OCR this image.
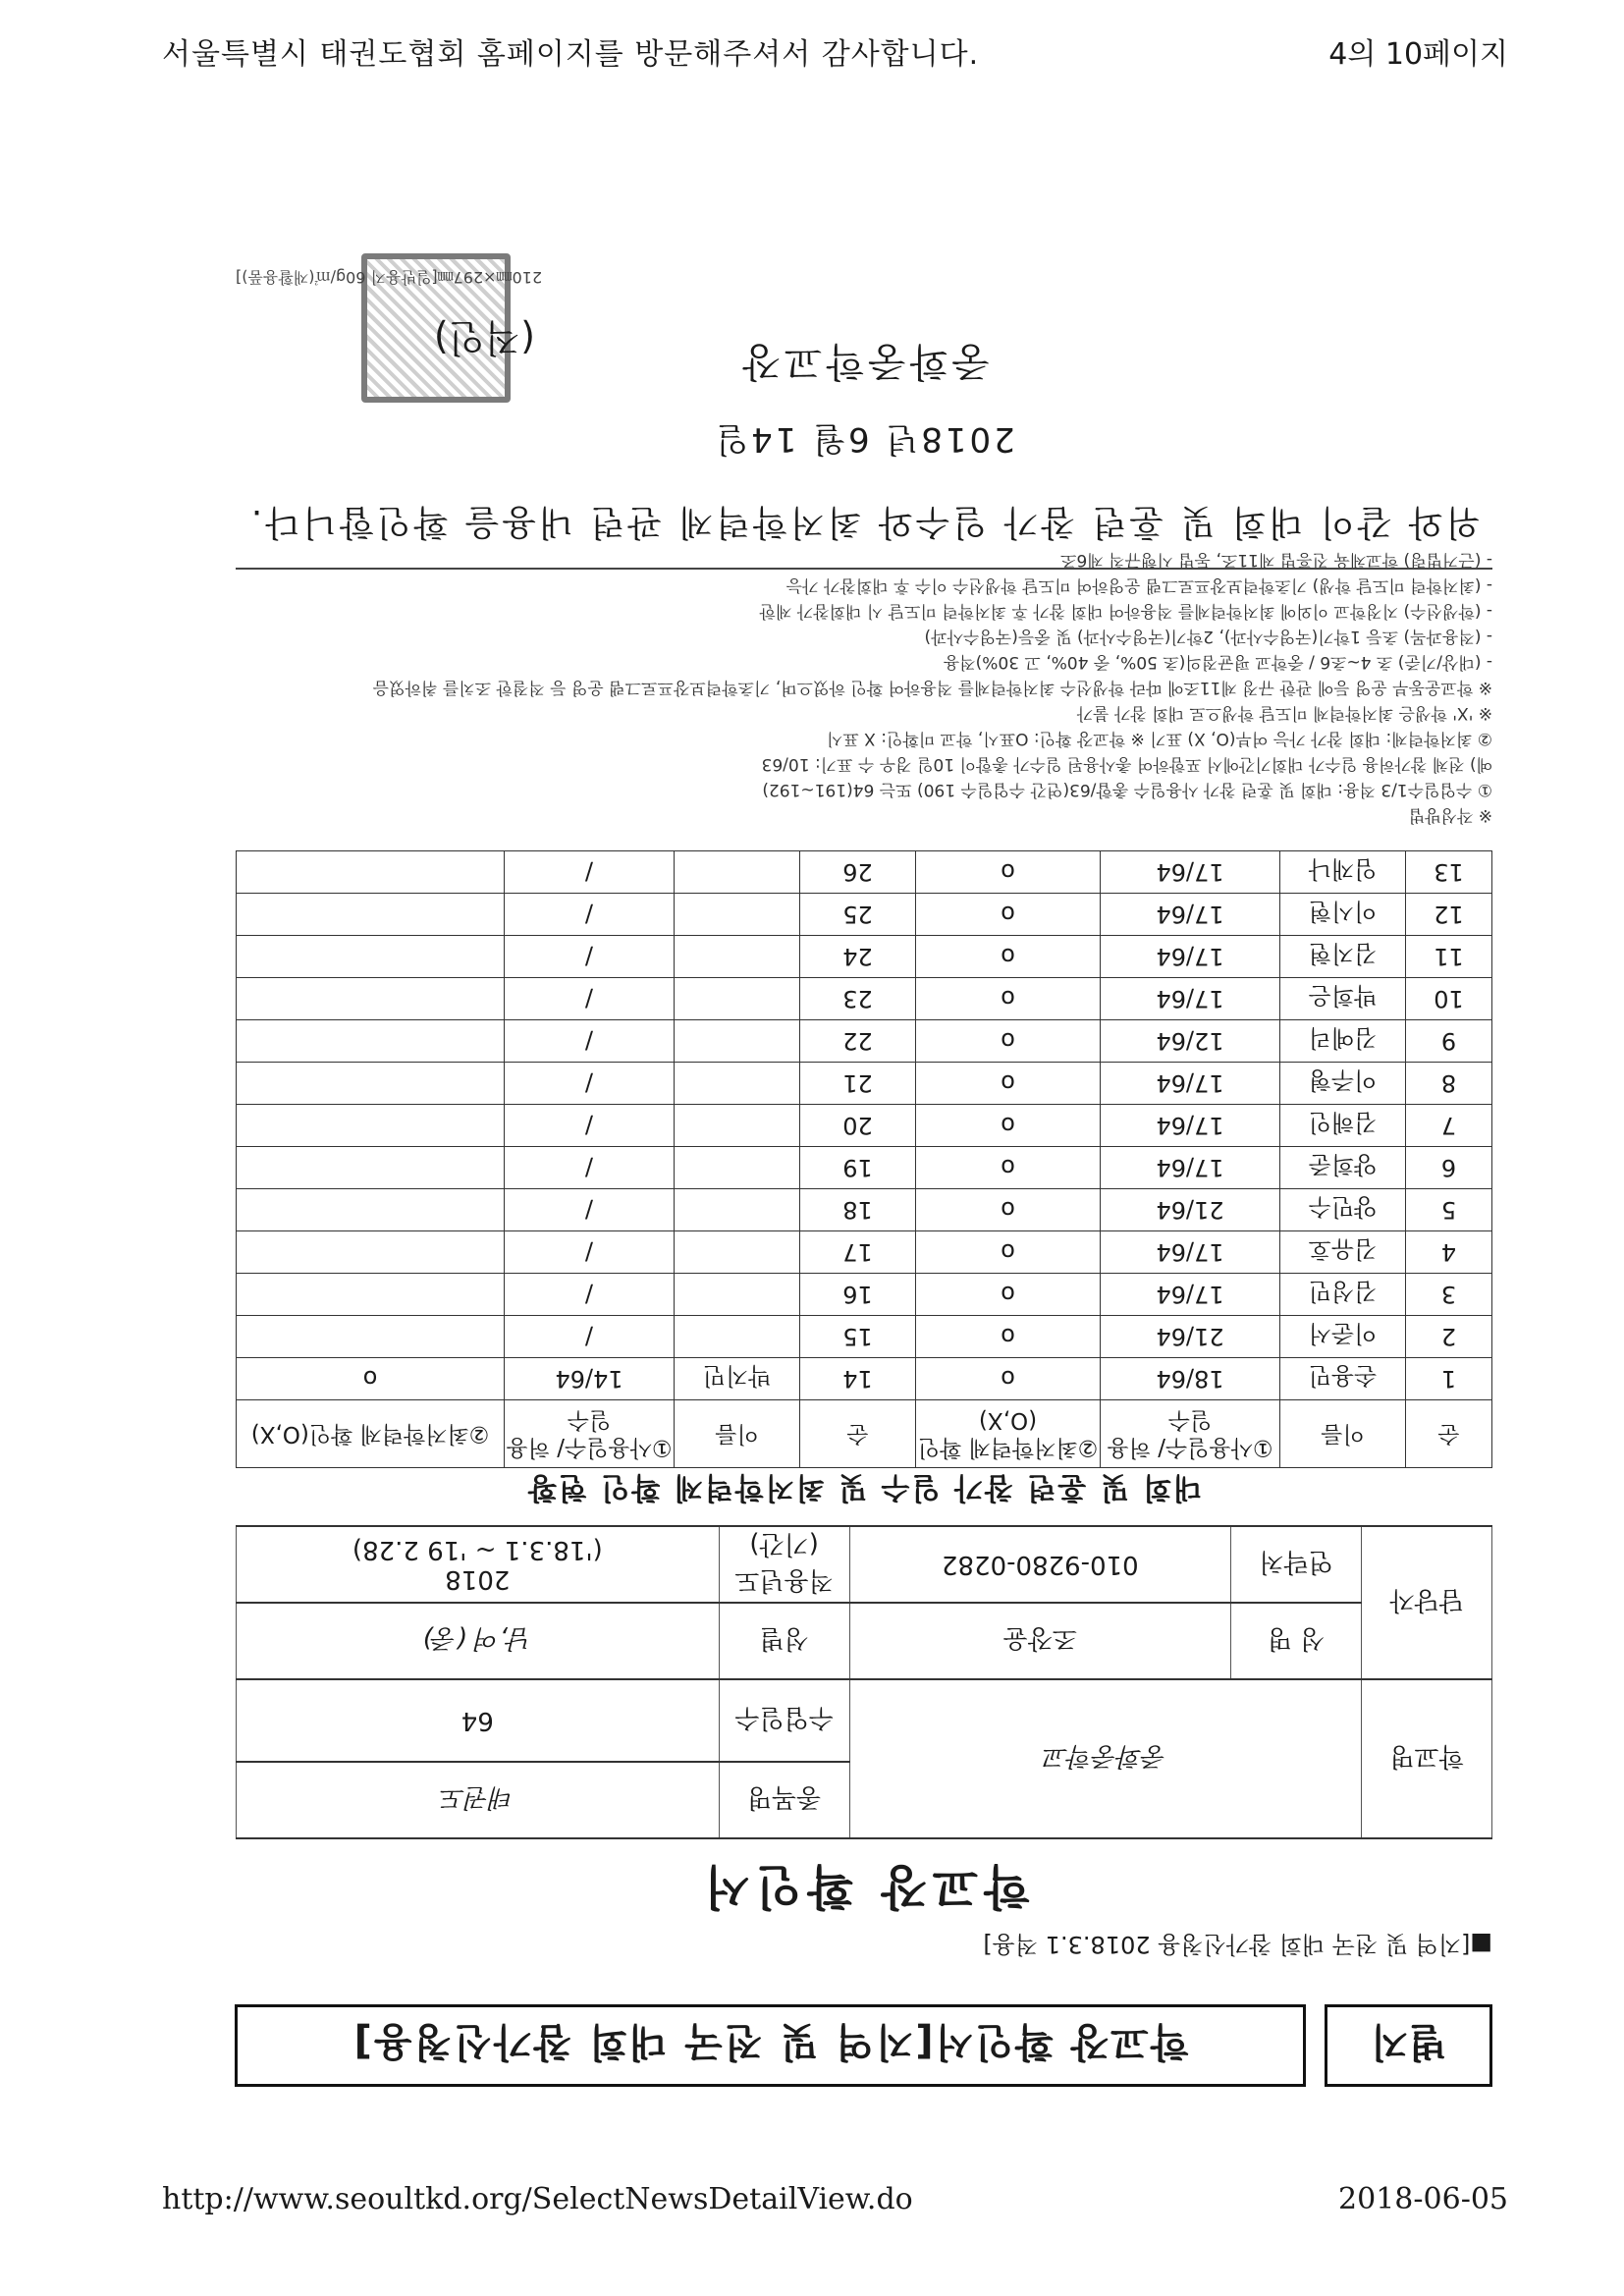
서울특별시 태권도협회 홈페이지를 방문해주셔서 감사합니다.	4의 10페이지
별지
학교장 확인서[지역 및 전국 대회 참가신청용]
■[지역 및 전국 대회 참가신청용 2018.3.1 적용]
학교장 확인서
학교명	중화중학교		종목명	태권도
			수업일수	64
담당자	성 명	조장윤	성별	남,여 (중)
	연락처	010-9280-0282	적용년도 (기간)	2018
('18.3.1 ~ '19 2.28)
대회 및 훈련 참가 일수 및 최저학력제 확인 현황
순	이름	①사용일수/ 허용일수	②최저학력제 확인(O,X)	순	이름	①사용일수/ 허용일수	②최저학력제 확인(O,X)
1	손용민	18/64	o	14	박지민	14/64	o
2	이준서	21/64	o	15		/	
3	김성민	17/64	o	16		/	
4	김유호	17/64	o	17		/	
5	양민수	21/64	o	18		/	
6	양희준	17/64	o	19		/	
7	김해인	17/64	o	20		/	
8	이주형	17/64	o	21		/	
9	김예리	12/64	o	22		/	
10	박희은	17/64	o	23		/	
11	김지현	17/64	o	24		/	
12	이시현	17/64	o	25		/	
13	임재나	17/64	o	26		/	
※ 작성방법
① 수업일수1/3 적용: 대회 및 훈련 참가 사용일수 총합/63(연간 수업일수 190) 또는 64(191~192)
예) 전체 참가허용 일수가 대회기간에서 포함하여 총사용된 일수가 총합이 10일 경우 수 표기: 10/63
② 최저학력제: 대회 참가 가능 여부(O, X) 표기 ※ 학교장 확인: O표시, 학교 미확인: X 표시
※ 'X' 학생은 최저학력제 미도달 학생으로 대회 참가 불가
※ 학교운동부 운영 등에 관한 규정 제11조에 따라 학생선수 최저학력제를 적용하여 확인 하였으며, 기초학력보장프로그램 운영 등 적절한 조치를 취하였음
- (대상/기준) 초 4~초6 / 중학교 평균점의(초 50%, 중 40%, 고 30%)적용
- (적용과목) 초등 1학기(국영수사과), 2학기(국영수사과) 및 중등(국영수사과)
- (학생선수) 지정학교 이외에 최저학력제를 적용하여 대회 참가 후 최저학력 미도달 시 대회참가 제한
- (최저학력 미도달 학생) 기초학력보장프로그램 운영하여 미도달 학생선수 이수 후 대회참가 가능
- (근거법령) 학교체육 진흥법 제11조, 동법 시행규칙 제6조
위와 같이 대회 및 훈련 참가 일수와 최저학력제 관련 내용을 확인합니다.
2018년 6월 14일
중화중학교장
(직인)
210㎜×297㎜[일반용지 60g/㎡(재활용품)]
http://www.seoultkd.org/SelectNewsDetailView.do	2018-06-05
